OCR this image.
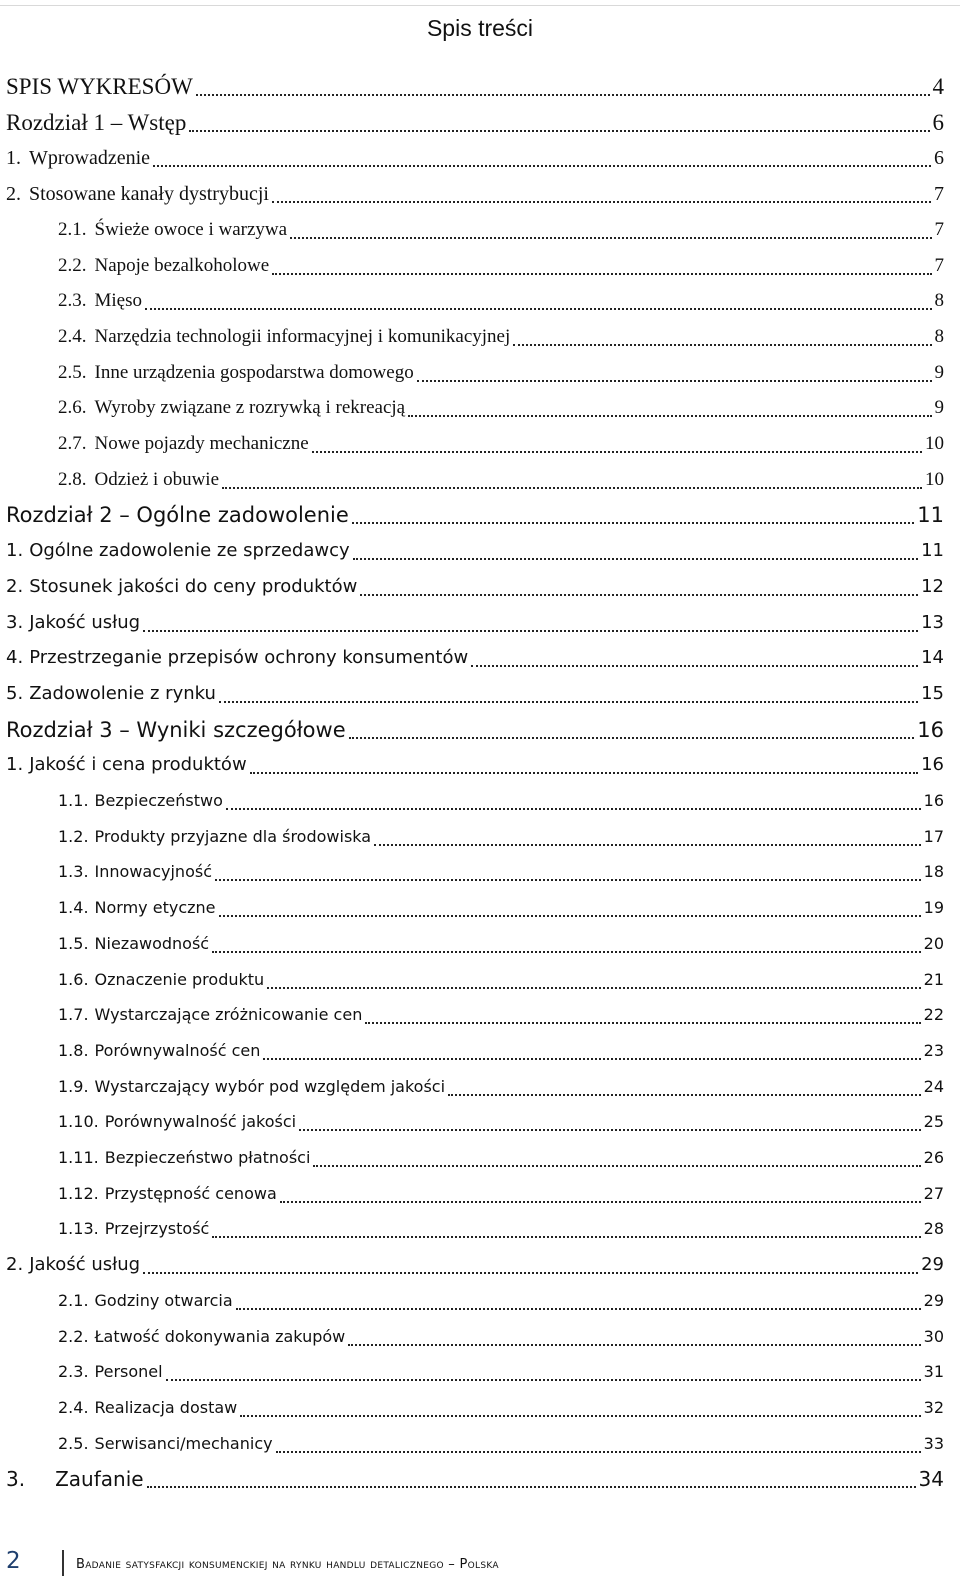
Spis treści
SPIS WYKRESÓW	4
Rozdział 1 – Wstęp	6
1. Wprowadzenie	6
2. Stosowane kanały dystrybucji	7
2.1. Świeże owoce i warzywa	7
2.2. Napoje bezalkoholowe	7
2.3. Mięso	8
2.4. Narzędzia technologii informacyjnej i komunikacyjnej	8
2.5. Inne urządzenia gospodarstwa domowego	9
2.6. Wyroby związane z rozrywką i rekreacją	9
2.7. Nowe pojazdy mechaniczne	10
2.8. Odzież i obuwie	10
Rozdział 2 – Ogólne zadowolenie	11
1. Ogólne zadowolenie ze sprzedawcy	11
2. Stosunek jakości do ceny produktów	12
3. Jakość usług	13
4. Przestrzeganie przepisów ochrony konsumentów	14
5. Zadowolenie z rynku	15
Rozdział 3 – Wyniki szczegółowe	16
1. Jakość i cena produktów	16
1.1. Bezpieczeństwo	16
1.2. Produkty przyjazne dla środowiska	17
1.3. Innowacyjność	18
1.4. Normy etyczne	19
1.5. Niezawodność	20
1.6. Oznaczenie produktu	21
1.7. Wystarczające zróżnicowanie cen	22
1.8. Porównywalność cen	23
1.9. Wystarczający wybór pod względem jakości	24
1.10. Porównywalność jakości	25
1.11. Bezpieczeństwo płatności	26
1.12. Przystępność cenowa	27
1.13. Przejrzystość	28
2. Jakość usług	29
2.1. Godziny otwarcia	29
2.2. Łatwość dokonywania zakupów	30
2.3. Personel	31
2.4. Realizacja dostaw	32
2.5. Serwisanci/mechanicy	33
3. Zaufanie	34
2	Badanie satysfakcji konsumenckiej na rynku handlu detalicznego – Polska
